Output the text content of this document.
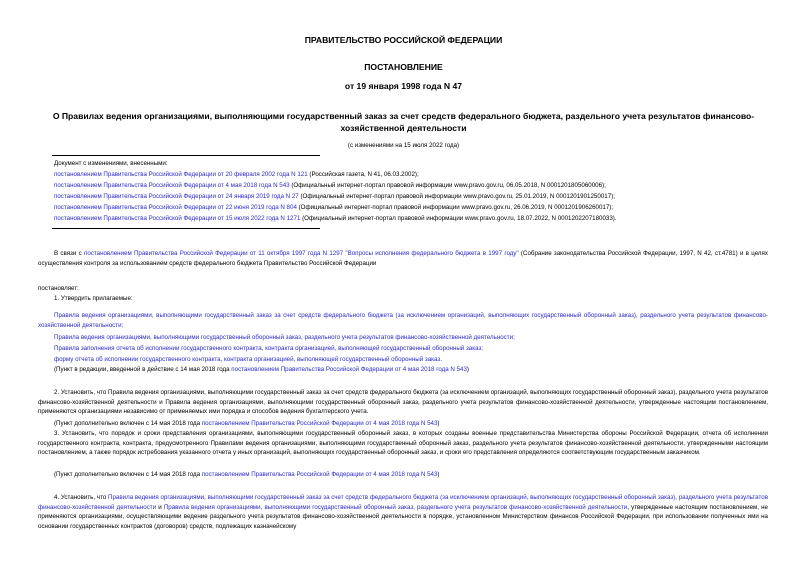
ПРАВИТЕЛЬСТВО РОССИЙСКОЙ ФЕДЕРАЦИИ
ПОСТАНОВЛЕНИЕ
от 19 января 1998 года N 47
О Правилах ведения организациями, выполняющими государственный заказ за счет средств федерального бюджета, раздельного учета результатов финансово-хозяйственной деятельности
(с изменениями на 15 июля 2022 года)
Документ с изменениями, внесенными:
постановлением Правительства Российской Федерации от 20 февраля 2002 года N 121 (Российская газета, N 41, 06.03.2002);
постановлением Правительства Российской Федерации от 4 мая 2018 года N 543 (Официальный интернет-портал правовой информации www.pravo.gov.ru, 06.05.2018, N 0001201805060006);
постановлением Правительства Российской Федерации от 24 января 2019 года N 27 (Официальный интернет-портал правовой информации www.pravo.gov.ru, 25.01.2019, N 0001201901250017);
постановлением Правительства Российской Федерации от 22 июня 2019 года N 804 (Официальный интернет-портал правовой информации www.pravo.gov.ru, 26.06.2019, N 0001201906260017);
постановлением Правительства Российской Федерации от 15 июля 2022 года N 1271 (Официальный интернет-портал правовой информации www.pravo.gov.ru, 18.07.2022, N 0001202207180033).
В связи с постановлением Правительства Российской Федерации от 11 октября 1997 года N 1297 "Вопросы исполнения федерального бюджета в 1997 году" (Собрание законодательства Российской Федерации, 1997, N 42, ст.4781) и в целях осуществления контроля за использованием средств федерального бюджета Правительство Российской Федерации
постановляет:
1. Утвердить прилагаемые:
Правила ведения организациями, выполняющими государственный заказ за счет средств федерального бюджета (за исключением организаций, выполняющих государственный оборонный заказ), раздельного учета результатов финансово-хозяйственной деятельности;
Правила ведения организациями, выполняющими государственный оборонный заказ, раздельного учета результатов финансово-хозяйственной деятельности;
Правила заполнения отчета об исполнении государственного контракта, контракта организацией, выполняющей государственный оборонный заказ;
форму отчета об исполнении государственного контракта, контракта организацией, выполняющей государственный оборонный заказ.
(Пункт в редакции, введенной в действие с 14 мая 2018 года постановлением Правительства Российской Федерации от 4 мая 2018 года N 543)
2. Установить, что Правила ведения организациями, выполняющими государственный заказ за счет средств федерального бюджета (за исключением организаций, выполняющих государственный оборонный заказ), раздельного учета результатов финансово-хозяйственной деятельности и Правила ведения организациями, выполняющими государственный оборонный заказ, раздельного учета результатов финансово-хозяйственной деятельности, утвержденные настоящим постановлением, применяются организациями независимо от применяемых ими порядка и способов ведения бухгалтерского учета.
(Пункт дополнительно включен с 14 мая 2018 года постановлением Правительства Российской Федерации от 4 мая 2018 года N 543)
3. Установить, что порядок и сроки представления организациями, выполняющими государственный оборонный заказ, в которых созданы военные представительства Министерства обороны Российской Федерации, отчета об исполнении государственного контракта, контракта, предусмотренного Правилами ведения организациями, выполняющими государственный оборонный заказ, раздельного учета результатов финансово-хозяйственной деятельности, утвержденными настоящим постановлением, а также порядок истребования указанного отчета у иных организаций, выполняющих государственный оборонный заказ, и сроки его представления определяются соответствующим государственным заказчиком.
(Пункт дополнительно включен с 14 мая 2018 года постановлением Правительства Российской Федерации от 4 мая 2018 года N 543)
4. Установить, что Правила ведения организациями, выполняющими государственный заказ за счет средств федерального бюджета (за исключением организаций, выполняющих государственный оборонный заказ), раздельного учета результатов финансово-хозяйственной деятельности и Правила ведения организациями, выполняющими государственный оборонный заказ, раздельного учета результатов финансово-хозяйственной деятельности, утвержденные настоящим постановлением, не применяются организациями, осуществляющими ведение раздельного учета результатов финансово-хозяйственной деятельности в порядке, установленном Министерством финансов Российской Федерации, при использовании полученных ими на основании государственных контрактов (договоров) средств, подлежащих казначейскому
